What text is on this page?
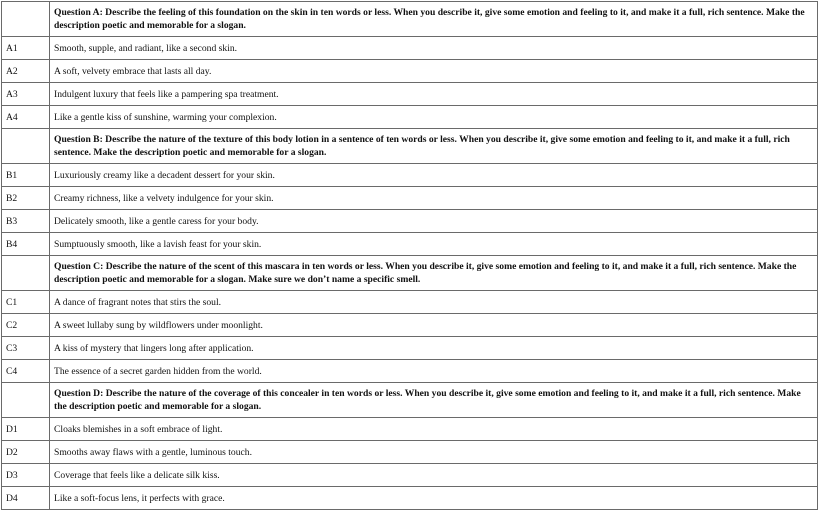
	Question A: Describe the feeling of this foundation on the skin in ten words or less. When you describe it, give some emotion and feeling to it, and make it a full, rich sentence. Make the description poetic and memorable for a slogan.
A1	Smooth, supple, and radiant, like a second skin.
A2	A soft, velvety embrace that lasts all day.
A3	Indulgent luxury that feels like a pampering spa treatment.
A4	Like a gentle kiss of sunshine, warming your complexion.
	Question B: Describe the nature of the texture of this body lotion in a sentence of ten words or less. When you describe it, give some emotion and feeling to it, and make it a full, rich sentence. Make the description poetic and memorable for a slogan.
B1	Luxuriously creamy like a decadent dessert for your skin.
B2	Creamy richness, like a velvety indulgence for your skin.
B3	Delicately smooth, like a gentle caress for your body.
B4	Sumptuously smooth, like a lavish feast for your skin.
	Question C: Describe the nature of the scent of this mascara in ten words or less. When you describe it, give some emotion and feeling to it, and make it a full, rich sentence. Make the description poetic and memorable for a slogan. Make sure we don’t name a specific smell.
C1	A dance of fragrant notes that stirs the soul.
C2	A sweet lullaby sung by wildflowers under moonlight.
C3	A kiss of mystery that lingers long after application.
C4	The essence of a secret garden hidden from the world.
	Question D: Describe the nature of the coverage of this concealer in ten words or less. When you describe it, give some emotion and feeling to it, and make it a full, rich sentence. Make the description poetic and memorable for a slogan.
D1	Cloaks blemishes in a soft embrace of light.
D2	Smooths away flaws with a gentle, luminous touch.
D3	Coverage that feels like a delicate silk kiss.
D4	Like a soft-focus lens, it perfects with grace.
